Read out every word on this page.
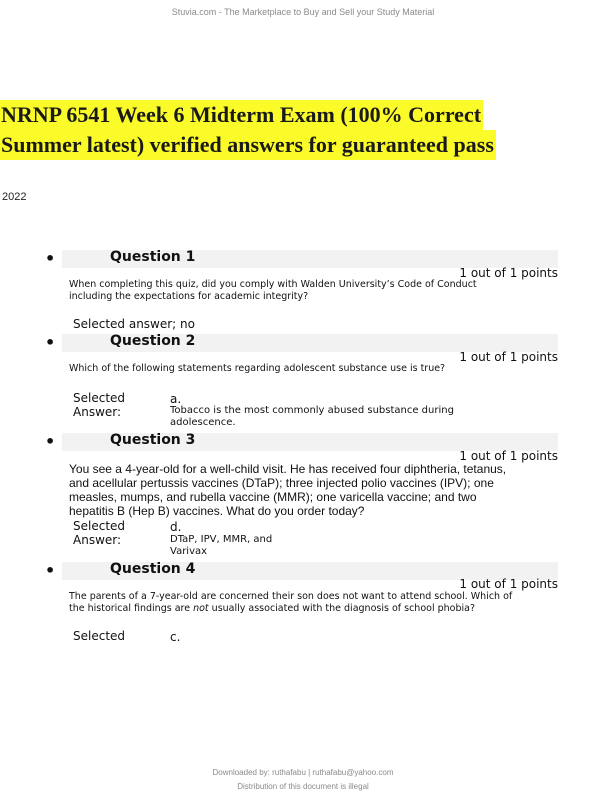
Stuvia.com - The Marketplace to Buy and Sell your Study Material
NRNP 6541 Week 6 Midterm Exam (100% Correct
Summer latest) verified answers for guaranteed pass
2022
•	Question 1
1 out of 1 points
When completing this quiz, did you comply with Walden University’s Code of Conduct including the expectations for academic integrity?
Selected answer; no
•	Question 2
1 out of 1 points
Which of the following statements regarding adolescent substance use is true?
Selected
Answer:
a.
Tobacco is the most commonly abused substance during adolescence.
•	Question 3
1 out of 1 points
You see a 4-year-old for a well-child visit. He has received four diphtheria, tetanus, and acellular pertussis vaccines (DTaP); three injected polio vaccines (IPV); one measles, mumps, and rubella vaccine (MMR); one varicella vaccine; and two hepatitis B (Hep B) vaccines. What do you order today?
Selected
Answer:
d.
DTaP, IPV, MMR, and Varivax
•	Question 4
1 out of 1 points
The parents of a 7-year-old are concerned their son does not want to attend school. Which of the historical findings are not usually associated with the diagnosis of school phobia?
Selected	c.
Downloaded by: ruthafabu | ruthafabu@yahoo.com
Distribution of this document is illegal
